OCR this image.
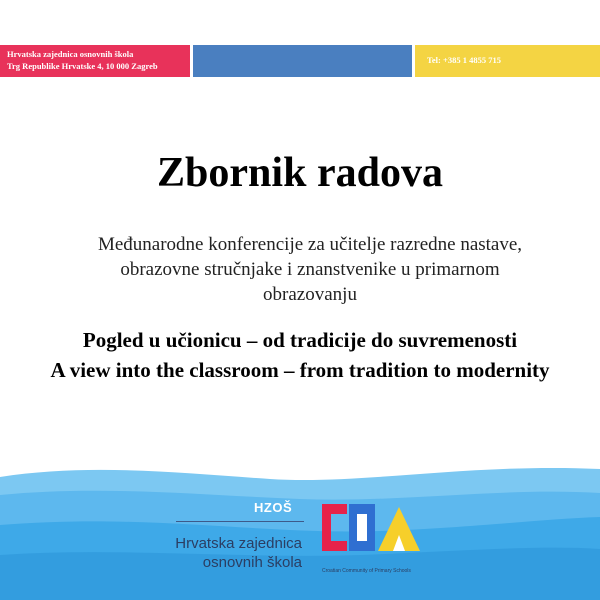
Hrvatska zajednica osnovnih škola
Trg Republike Hrvatske 4, 10 000 Zagreb
Tel: +385 1 4855 715
Zbornik radova
Međunarodne konferencije za učitelje razredne nastave, obrazovne stručnjake i znanstvenike u primarnom obrazovanju
Pogled u učionicu – od tradicije do suvremenosti
A view into the classroom – from tradition to modernity
HZOŠ
Hrvatska zajednica
osnovnih škola	Croatian Community of Primary Schools
